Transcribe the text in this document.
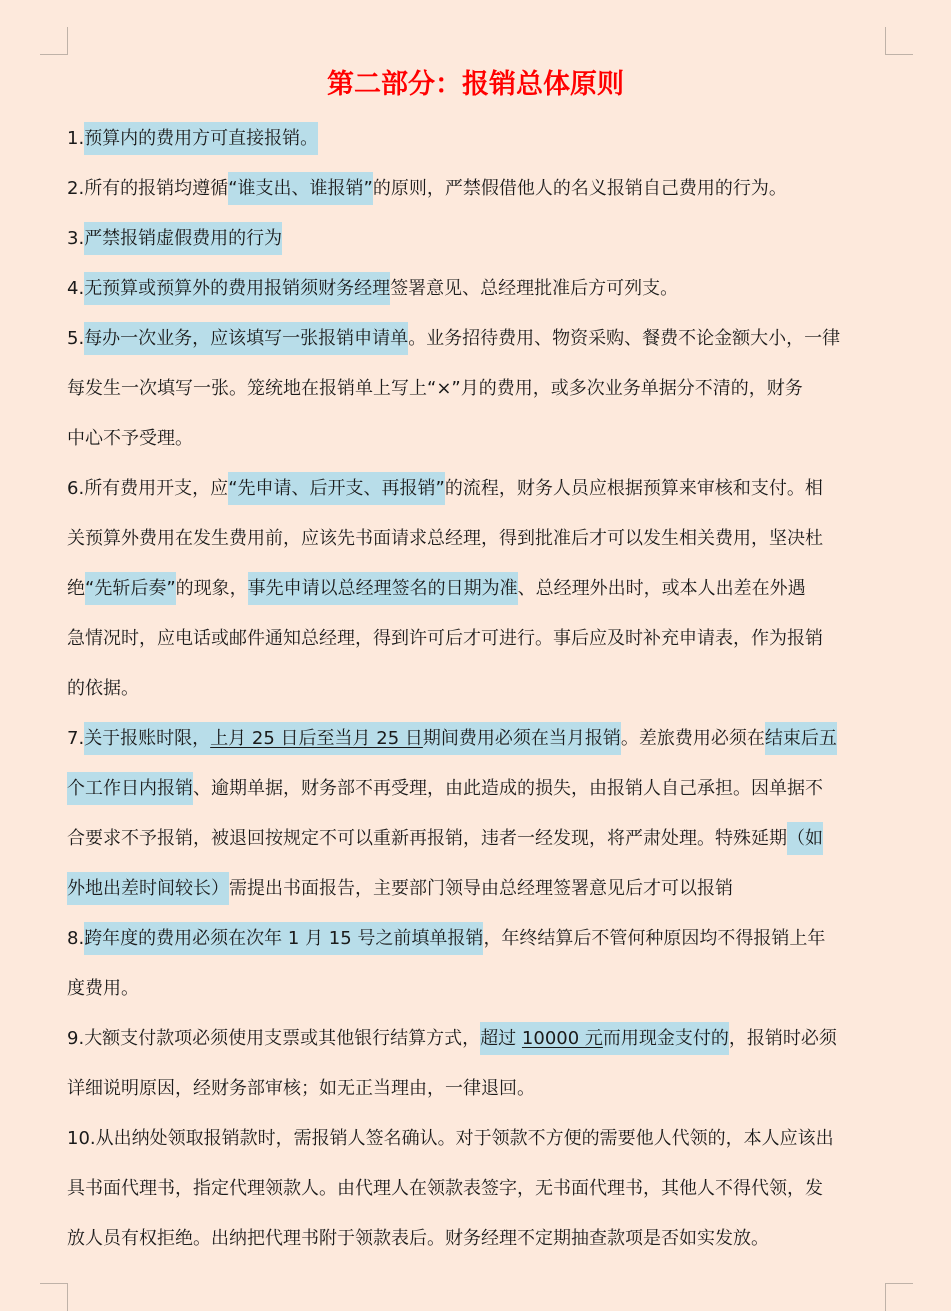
第二部分：报销总体原则
1.预算内的费用方可直接报销。
2.所有的报销均遵循“谁支出、谁报销”的原则，严禁假借他人的名义报销自己费用的行为。
3.严禁报销虚假费用的行为
4.无预算或预算外的费用报销须财务经理签署意见、总经理批准后方可列支。
5.每办一次业务，应该填写一张报销申请单。业务招待费用、物资采购、餐费不论金额大小，一律
每发生一次填写一张。笼统地在报销单上写上“×”月的费用，或多次业务单据分不清的，财务
中心不予受理。
6.所有费用开支，应“先申请、后开支、再报销”的流程，财务人员应根据预算来审核和支付。相
关预算外费用在发生费用前，应该先书面请求总经理，得到批准后才可以发生相关费用，坚决杜
绝“先斩后奏”的现象，事先申请以总经理签名的日期为准、总经理外出时，或本人出差在外遇
急情况时，应电话或邮件通知总经理，得到许可后才可进行。事后应及时补充申请表，作为报销
的依据。
7.关于报账时限，上月 25 日后至当月 25 日期间费用必须在当月报销。差旅费用必须在结束后五
个工作日内报销、逾期单据，财务部不再受理，由此造成的损失，由报销人自己承担。因单据不
合要求不予报销，被退回按规定不可以重新再报销，违者一经发现，将严肃处理。特殊延期（如
外地出差时间较长）需提出书面报告，主要部门领导由总经理签署意见后才可以报销
8.跨年度的费用必须在次年 1 月 15 号之前填单报销，年终结算后不管何种原因均不得报销上年
度费用。
9.大额支付款项必须使用支票或其他银行结算方式，超过 10000 元而用现金支付的，报销时必须
详细说明原因，经财务部审核；如无正当理由，一律退回。
10.从出纳处领取报销款时，需报销人签名确认。对于领款不方便的需要他人代领的，本人应该出
具书面代理书，指定代理领款人。由代理人在领款表签字，无书面代理书，其他人不得代领，发
放人员有权拒绝。出纳把代理书附于领款表后。财务经理不定期抽查款项是否如实发放。
